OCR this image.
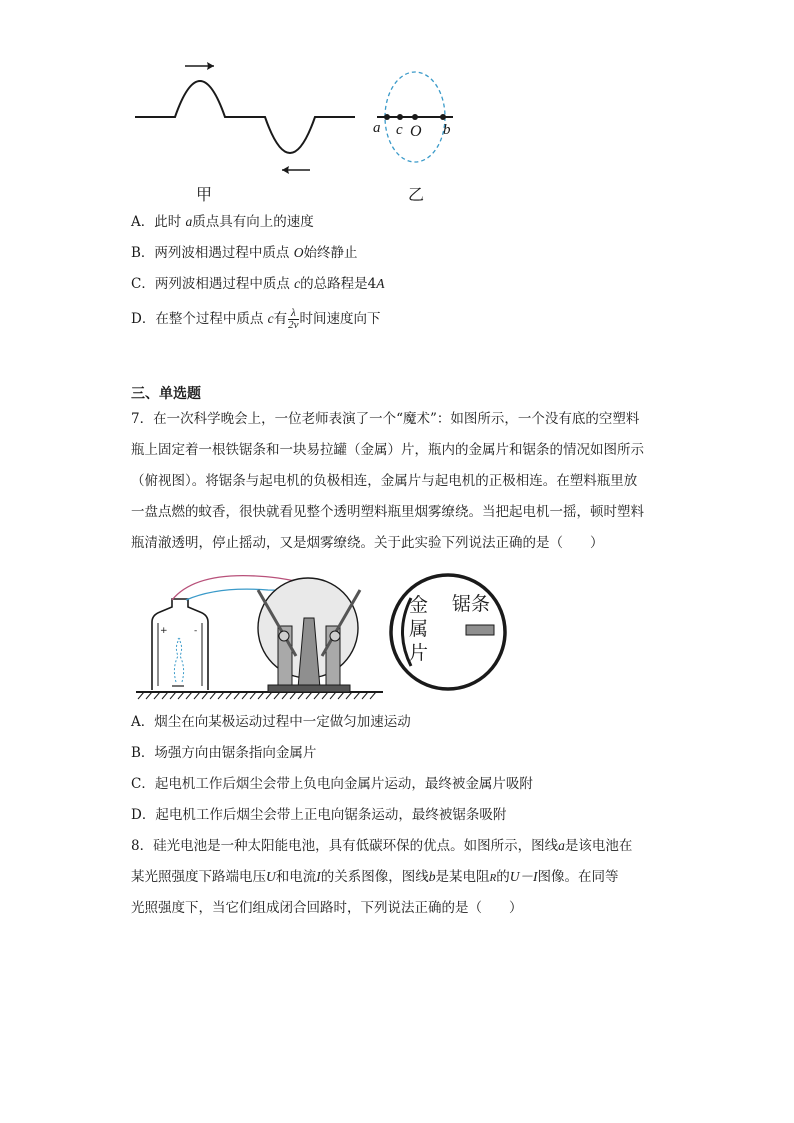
a c O b
甲	乙
A．此时 a质点具有向上的速度
B．两列波相遇过程中质点 O始终静止
C．两列波相遇过程中质点 c的总路程是4A
D．在整个过程中质点 c有 $\frac{\lambda}{2v}$ 时间速度向下
三、单选题
7．在一次科学晚会上，一位老师表演了一个“魔术”：如图所示，一个没有底的空塑料
瓶上固定着一根铁锯条和一块易拉罐（金属）片，瓶内的金属片和锯条的情况如图所示
（俯视图）。将锯条与起电机的负极相连，金属片与起电机的正极相连。在塑料瓶里放
一盘点燃的蚊香，很快就看见整个透明塑料瓶里烟雾缭绕。当把起电机一摇，顿时塑料
瓶清澈透明，停止摇动，又是烟雾缭绕。关于此实验下列说法正确的是（　　）
+	-
金
属
片
锯条
A．烟尘在向某极运动过程中一定做匀加速运动
B．场强方向由锯条指向金属片
C．起电机工作后烟尘会带上负电向金属片运动，最终被金属片吸附
D．起电机工作后烟尘会带上正电向锯条运动，最终被锯条吸附
8．硅光电池是一种太阳能电池，具有低碳环保的优点。如图所示，图线a是该电池在
某光照强度下路端电压U和电流I的关系图像，图线b是某电阻R的U－I图像。在同等
光照强度下，当它们组成闭合回路时，下列说法正确的是（　　）
